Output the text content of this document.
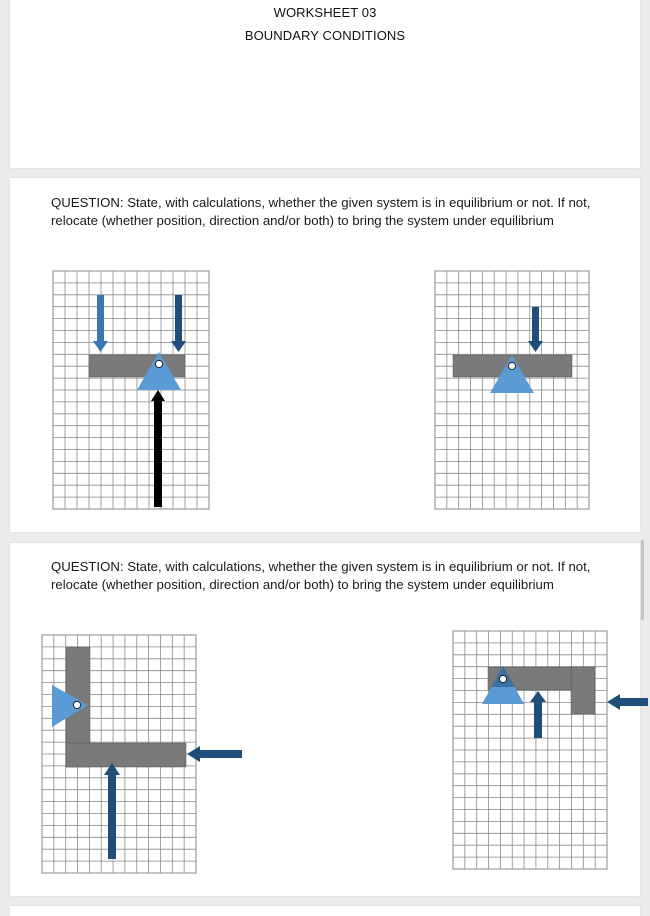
WORKSHEET 03
BOUNDARY CONDITIONS
QUESTION: State, with calculations, whether the given system is in equilibrium or not. If not, relocate (whether position, direction and/or both) to bring the system under equilibrium
QUESTION: State, with calculations, whether the given system is in equilibrium or not. If not, relocate (whether position, direction and/or both) to bring the system under equilibrium
